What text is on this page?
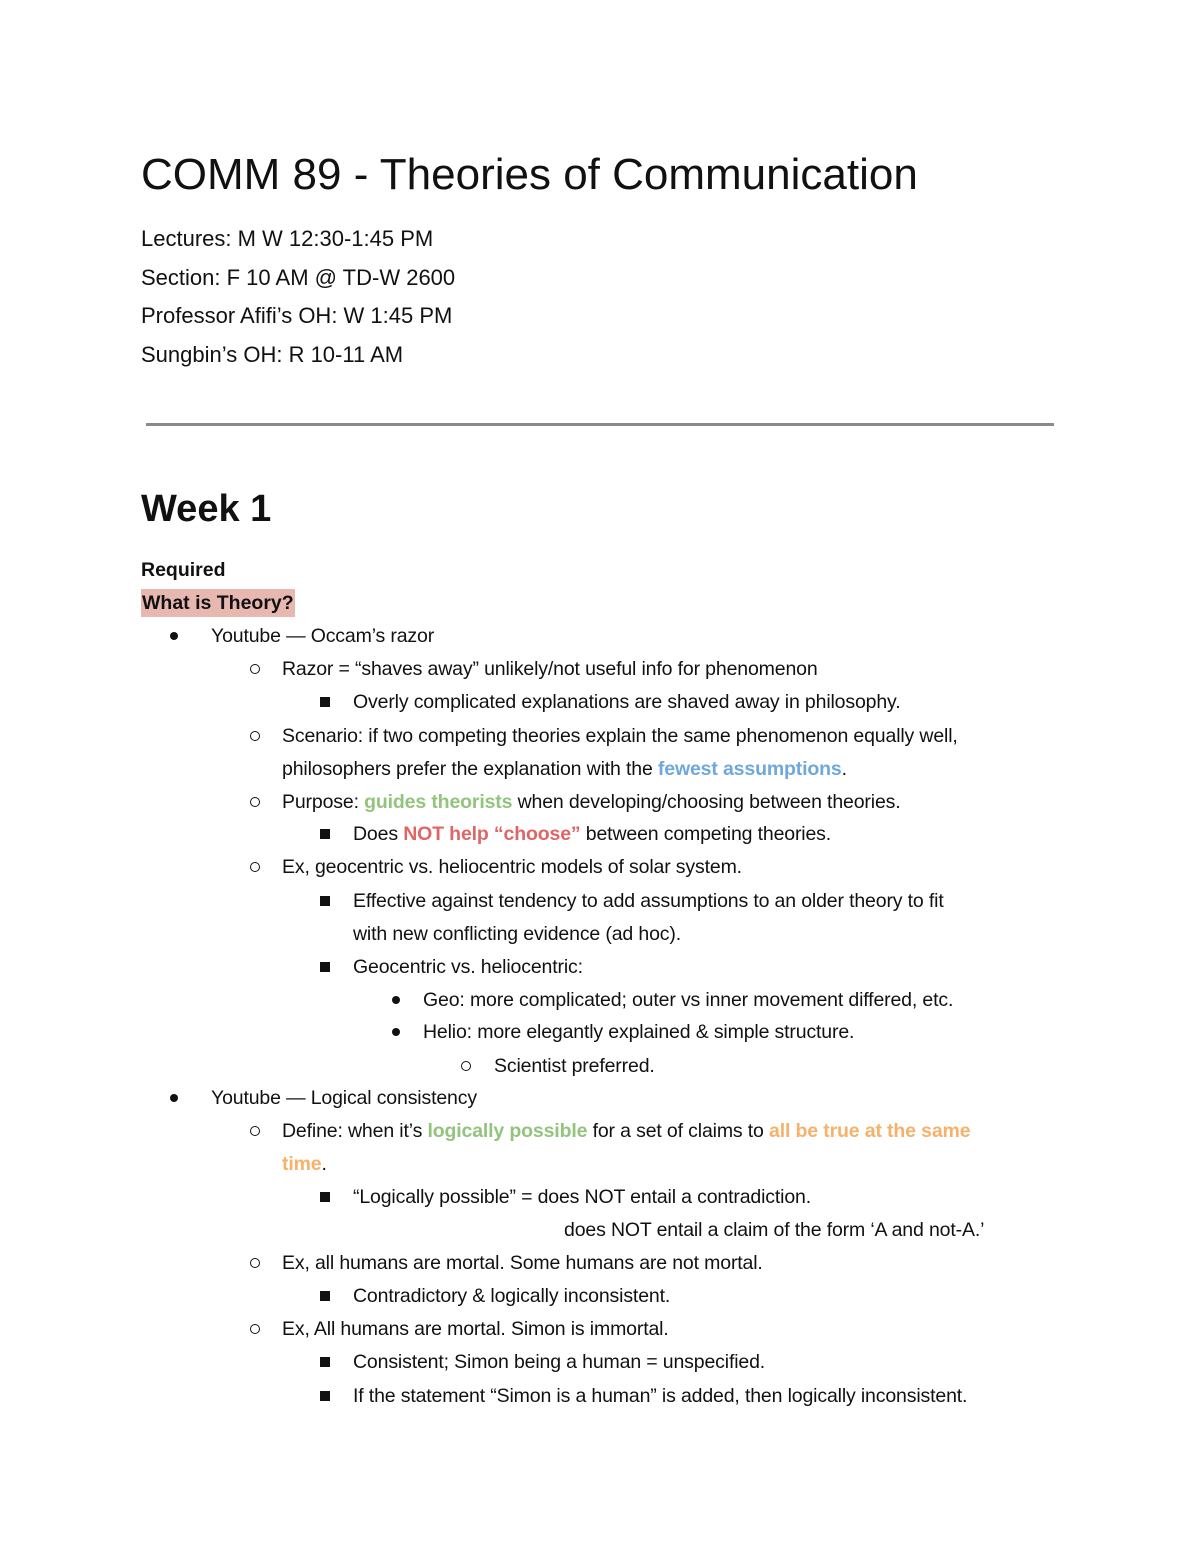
COMM 89 - Theories of Communication
Lectures: M W 12:30-1:45 PM
Section: F 10 AM @ TD-W 2600
Professor Afifi’s OH: W 1:45 PM
Sungbin’s OH: R 10-11 AM
Week 1
Required
What is Theory?
Youtube — Occam’s razor
Razor = “shaves away” unlikely/not useful info for phenomenon
Overly complicated explanations are shaved away in philosophy.
Scenario: if two competing theories explain the same phenomenon equally well,
philosophers prefer the explanation with the fewest assumptions.
Purpose: guides theorists when developing/choosing between theories.
Does NOT help “choose” between competing theories.
Ex, geocentric vs. heliocentric models of solar system.
Effective against tendency to add assumptions to an older theory to fit
with new conflicting evidence (ad hoc).
Geocentric vs. heliocentric:
Geo: more complicated; outer vs inner movement differed, etc.
Helio: more elegantly explained & simple structure.
Scientist preferred.
Youtube — Logical consistency
Define: when it’s logically possible for a set of claims to all be true at the same
time.
“Logically possible” = does NOT entail a contradiction.
does NOT entail a claim of the form ‘A and not-A.’
Ex, all humans are mortal. Some humans are not mortal.
Contradictory & logically inconsistent.
Ex, All humans are mortal. Simon is immortal.
Consistent; Simon being a human = unspecified.
If the statement “Simon is a human” is added, then logically inconsistent.
